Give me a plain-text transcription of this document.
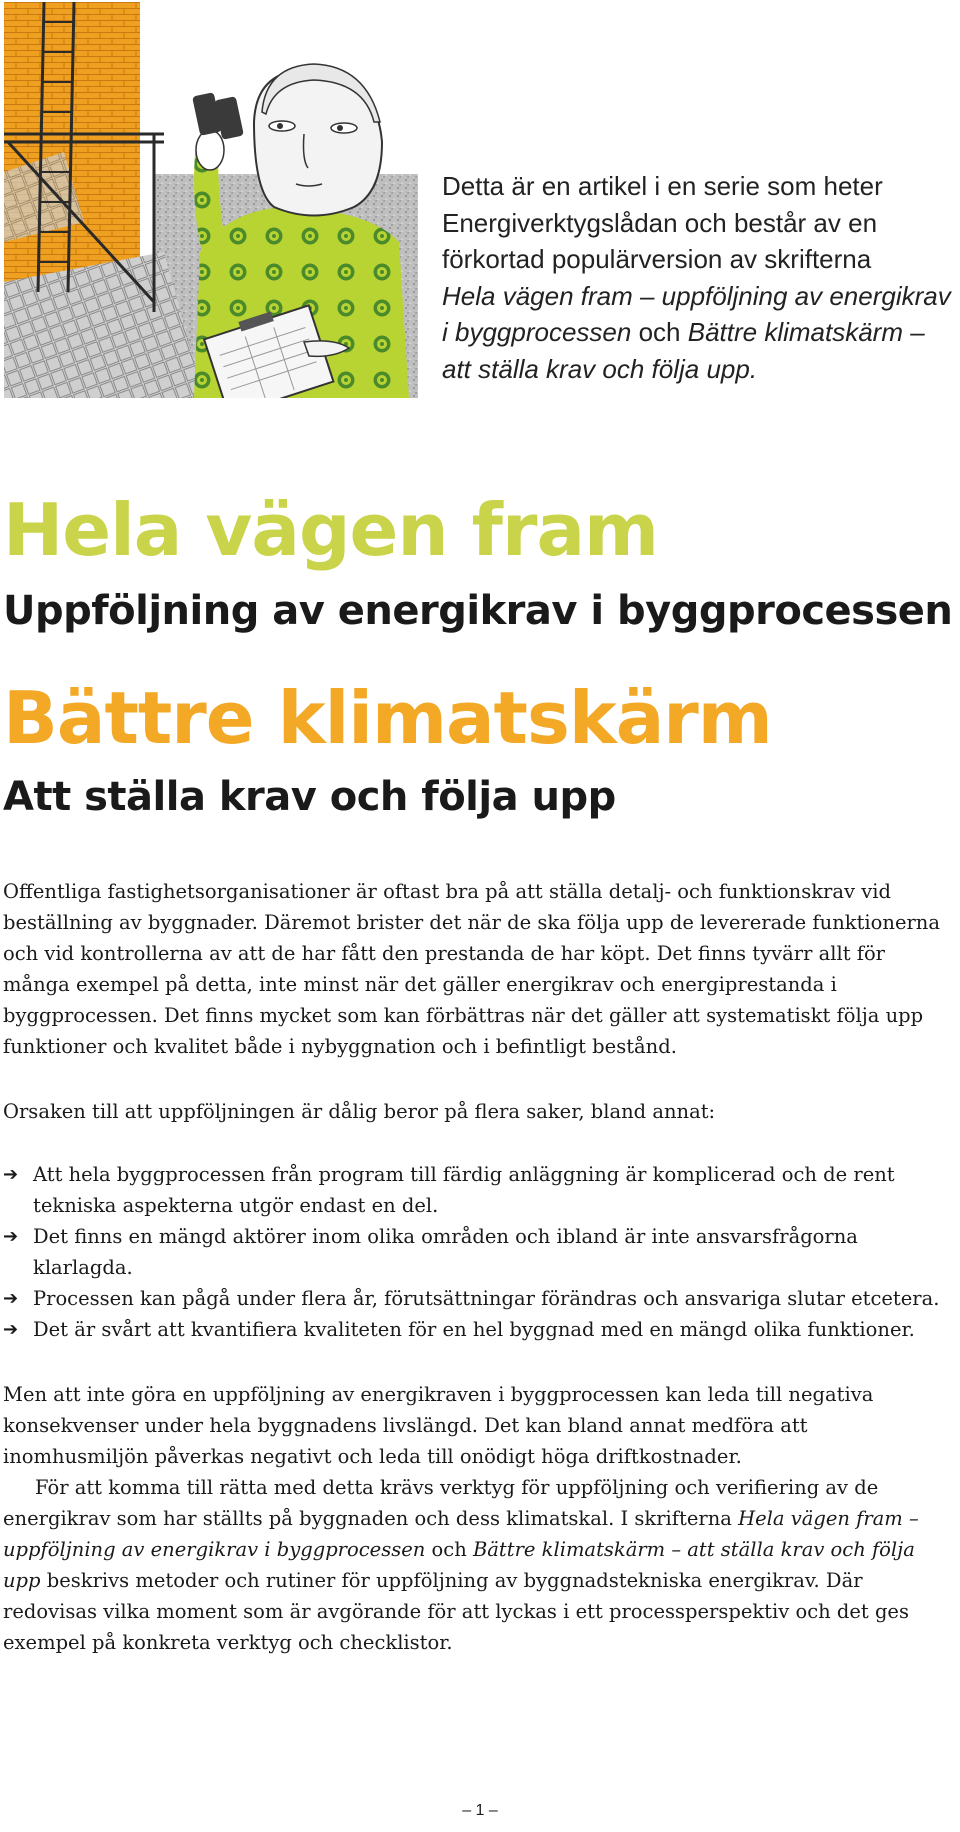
Detta är en artikel i en serie som heter
Energiverktygslådan och består av en
förkortad populärversion av skrifterna
Hela vägen fram – uppföljning av energikrav i byggprocessen och Bättre klimatskärm – att ställa krav och följa upp.
Hela vägen fram
Uppföljning av energikrav i byggprocessen
Bättre klimatskärm
Att ställa krav och följa upp

Offentliga fastighetsorganisationer är oftast bra på att ställa detalj- och funktionskrav vid beställning av byggnader. Däremot brister det när de ska följa upp de levererade funktionerna och vid kontrollerna av att de har fått den prestanda de har köpt. Det finns tyvärr allt för många exempel på detta, inte minst när det gäller energikrav och energiprestanda i byggprocessen. Det finns mycket som kan förbättras när det gäller att systematiskt följa upp funktioner och kvalitet både i nybyggnation och i befintligt bestånd.

Orsaken till att uppföljningen är dålig beror på flera saker, bland annat:

➔ Att hela byggprocessen från program till färdig anläggning är komplicerad och de rent tekniska aspekterna utgör endast en del.
➔ Det finns en mängd aktörer inom olika områden och ibland är inte ansvarsfrågorna klarlagda.
➔ Processen kan pågå under flera år, förutsättningar förändras och ansvariga slutar etcetera.
➔ Det är svårt att kvantifiera kvaliteten för en hel byggnad med en mängd olika funktioner.
Men att inte göra en uppföljning av energikraven i byggprocessen kan leda till negativa konsekvenser under hela byggnadens livslängd. Det kan bland annat medföra att inomhusmiljön påverkas negativt och leda till onödigt höga driftkostnader.
För att komma till rätta med detta krävs verktyg för uppföljning och verifiering av de energikrav som har ställts på byggnaden och dess klimatskal. I skrifterna Hela vägen fram – uppföljning av energikrav i byggprocessen och Bättre klimatskärm – att ställa krav och följa upp beskrivs metoder och rutiner för uppföljning av byggnadstekniska energikrav. Där redovisas vilka moment som är avgörande för att lyckas i ett processperspektiv och det ges exempel på konkreta verktyg och checklistor.
– 1 –
